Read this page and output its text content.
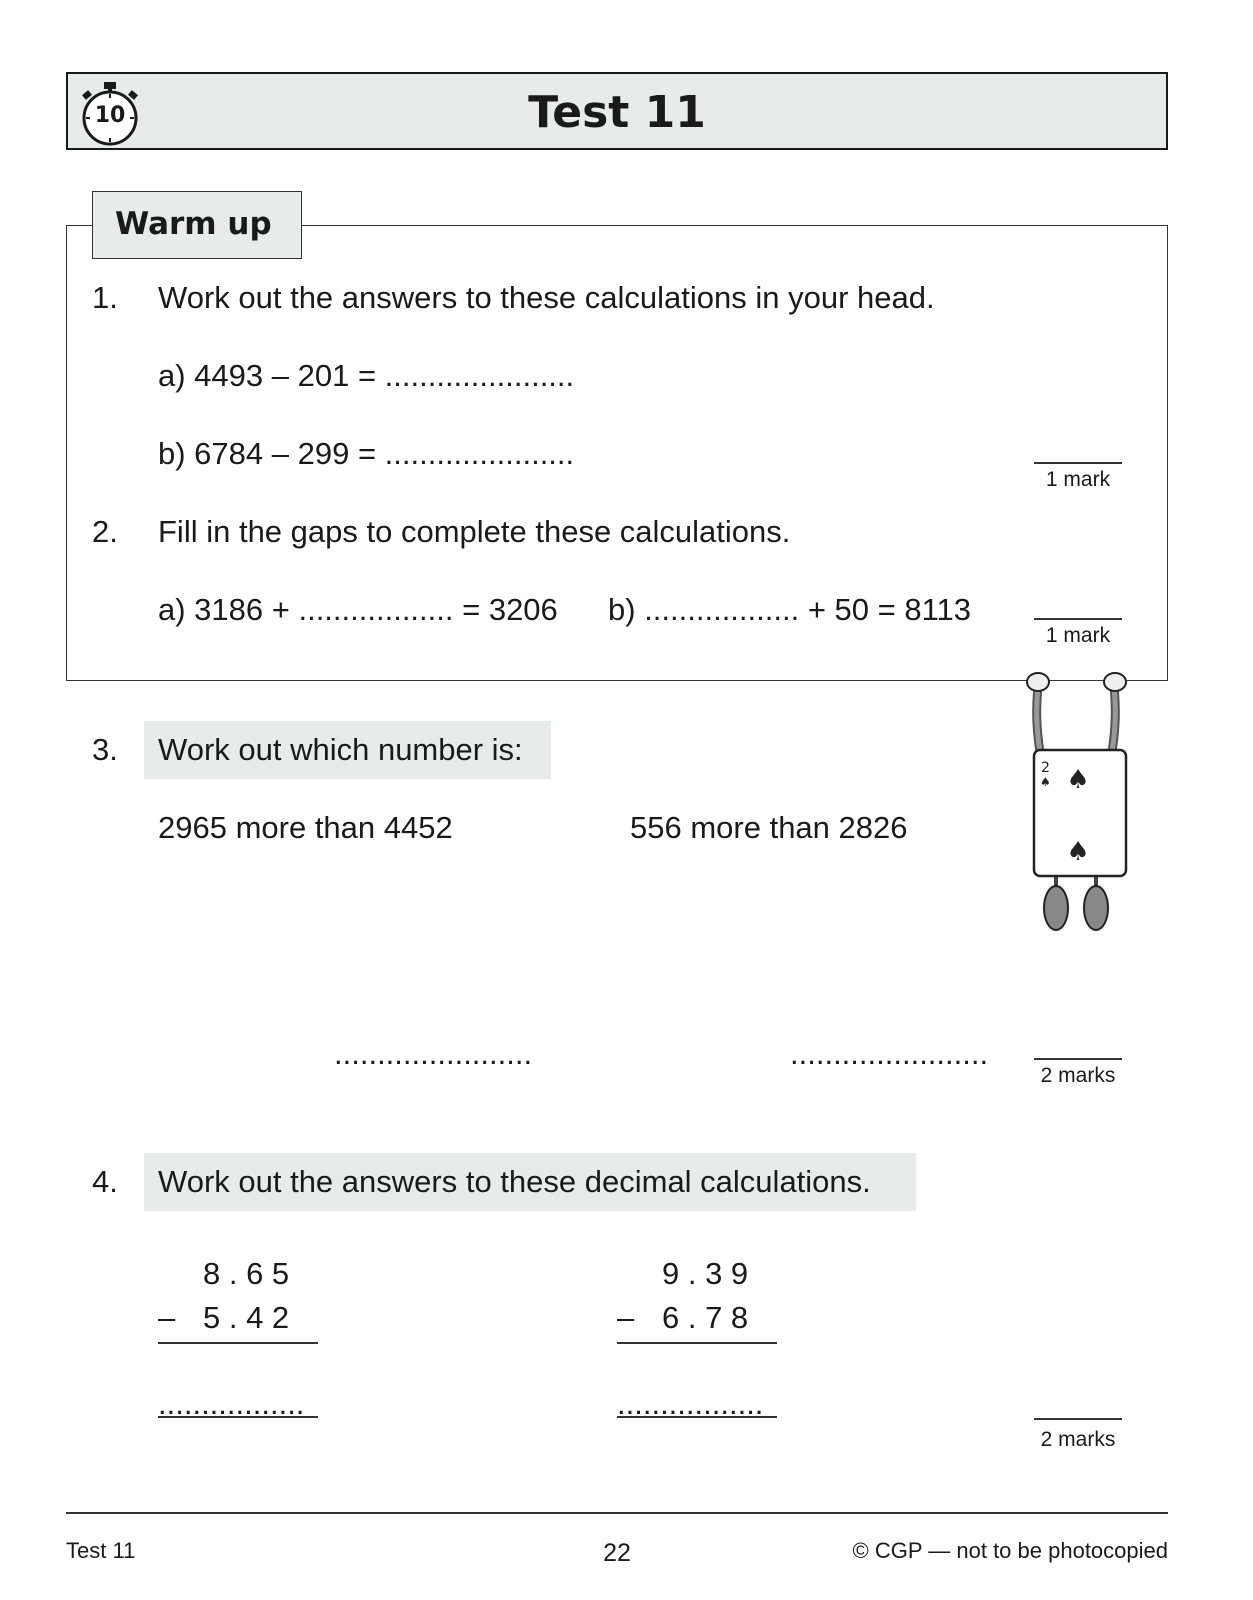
10	Test 11
Warm up
1. Work out the answers to these calculations in your head.
a) 4493 – 201 = ......................
b) 6784 – 299 = ......................
1 mark
2. Fill in the gaps to complete these calculations.
a) 3186 + .................. = 3206 b) .................. + 50 = 8113
1 mark
3. Work out which number is:
2965 more than 4452	556 more than 2826
.......................	.......................
2 marks
2
♠ ♠
♠
4. Work out the answers to these decimal calculations.
8 . 6 5
– 5 . 4 2
.................
9 . 3 9
– 6 . 7 8
.................
2 marks
Test 11	22	© CGP — not to be photocopied
